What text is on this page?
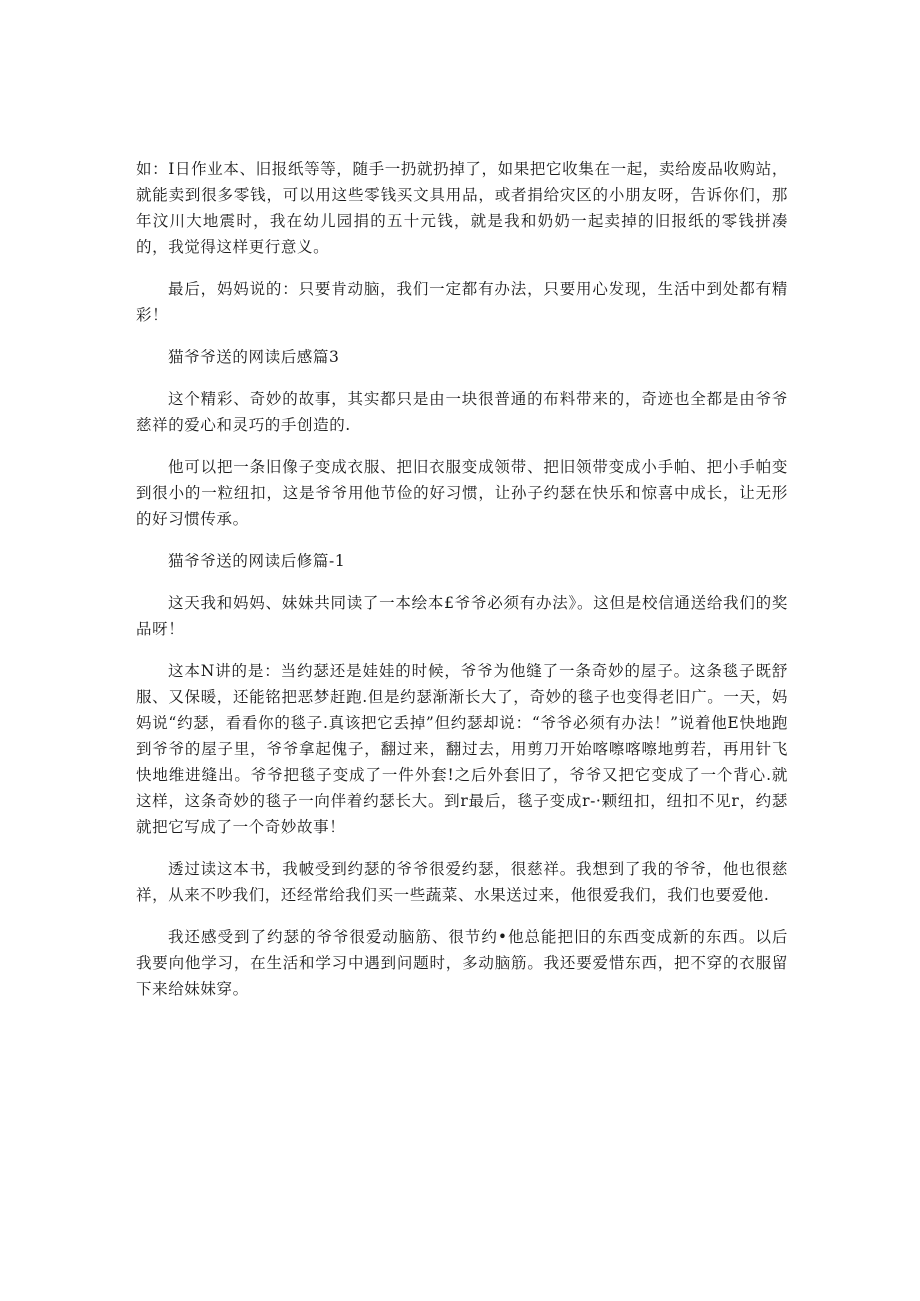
如：I日作业本、旧报纸等等，随手一扔就扔掉了，如果把它收集在一起，卖给废品收购站，就能卖到很多零钱，可以用这些零钱买文具用品，或者捐给灾区的小朋友呀，告诉你们，那年汶川大地震时，我在幼儿园捐的五十元钱，就是我和奶奶一起卖掉的旧报纸的零钱拼凑的，我觉得这样更行意义。

最后，妈妈说的：只要肯动脑，我们一定都有办法，只要用心发现，生活中到处都有精彩！

猫爷爷送的网读后感篇3

这个精彩、奇妙的故事，其实都只是由一块很普通的布料带来的，奇迹也全都是由爷爷慈祥的爱心和灵巧的手创造的.

他可以把一条旧像子变成衣服、把旧衣服变成领带、把旧领带变成小手帕、把小手帕变到很小的一粒纽扣，这是爷爷用他节俭的好习惯，让孙子约瑟在快乐和惊喜中成长，让无形的好习惯传承。

猫爷爷送的网读后修篇-1

这天我和妈妈、妹妹共同读了一本绘本£爷爷必须有办法》。这但是校信通送给我们的奖品呀！

这本N讲的是：当约瑟还是娃娃的时候，爷爷为他缝了一条奇妙的屋子。这条毯子既舒服、又保暖，还能铭把恶梦赶跑.但是约瑟渐渐长大了，奇妙的毯子也变得老旧广。一天，妈妈说“约瑟，看看你的毯子.真该把它丢掉”但约瑟却说：“爷爷必须有办法！”说着他E快地跑到爷爷的屋子里，爷爷拿起傀子，翻过来，翻过去，用剪刀开始喀嚓喀嚓地剪若，再用针飞快地维进缝出。爷爷把毯子变成了一件外套!之后外套旧了，爷爷又把它变成了一个背心.就这样，这条奇妙的毯子一向伴着约瑟长大。到r最后，毯子变成r-·颗纽扣，纽扣不见r，约瑟就把它写成了一个奇妙故事！

透过读这本书，我帔受到约瑟的爷爷很爱约瑟，很慈祥。我想到了我的爷爷，他也很慈祥，从来不吵我们，还经常给我们买一些蔬菜、水果送过来，他很爱我们，我们也要爱他.

我还感受到了约瑟的爷爷很爱动脑筋、很节约•他总能把旧的东西变成新的东西。以后我要向他学习，在生活和学习中遇到问题时，多动脑筋。我还要爱惜东西，把不穿的衣服留下来给妹妹穿。
